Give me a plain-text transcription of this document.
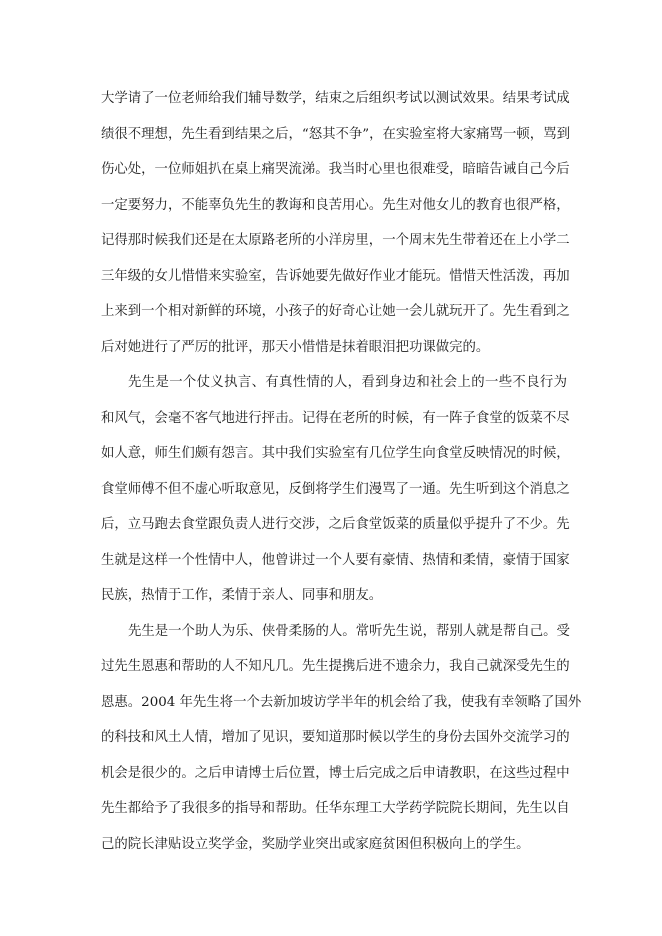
大学请了一位老师给我们辅导数学，结束之后组织考试以测试效果。结果考试成
绩很不理想，先生看到结果之后，“怒其不争”，在实验室将大家痛骂一顿，骂到
伤心处，一位师姐扒在桌上痛哭流涕。我当时心里也很难受，暗暗告诫自己今后
一定要努力，不能辜负先生的教诲和良苦用心。先生对他女儿的教育也很严格，
记得那时候我们还是在太原路老所的小洋房里，一个周末先生带着还在上小学二
三年级的女儿惜惜来实验室，告诉她要先做好作业才能玩。惜惜天性活泼，再加
上来到一个相对新鲜的环境，小孩子的好奇心让她一会儿就玩开了。先生看到之
后对她进行了严厉的批评，那天小惜惜是抹着眼泪把功课做完的。
先生是一个仗义执言、有真性情的人，看到身边和社会上的一些不良行为
和风气，会毫不客气地进行抨击。记得在老所的时候，有一阵子食堂的饭菜不尽
如人意，师生们颇有怨言。其中我们实验室有几位学生向食堂反映情况的时候，
食堂师傅不但不虚心听取意见，反倒将学生们漫骂了一通。先生听到这个消息之
后，立马跑去食堂跟负责人进行交涉，之后食堂饭菜的质量似乎提升了不少。先
生就是这样一个性情中人，他曾讲过一个人要有豪情、热情和柔情，豪情于国家
民族，热情于工作，柔情于亲人、同事和朋友。
先生是一个助人为乐、侠骨柔肠的人。常听先生说，帮别人就是帮自己。受
过先生恩惠和帮助的人不知凡几。先生提携后进不遗余力，我自己就深受先生的
恩惠。2004 年先生将一个去新加坡访学半年的机会给了我，使我有幸领略了国外
的科技和风土人情，增加了见识，要知道那时候以学生的身份去国外交流学习的
机会是很少的。之后申请博士后位置，博士后完成之后申请教职，在这些过程中
先生都给予了我很多的指导和帮助。任华东理工大学药学院院长期间，先生以自
己的院长津贴设立奖学金，奖励学业突出或家庭贫困但积极向上的学生。
